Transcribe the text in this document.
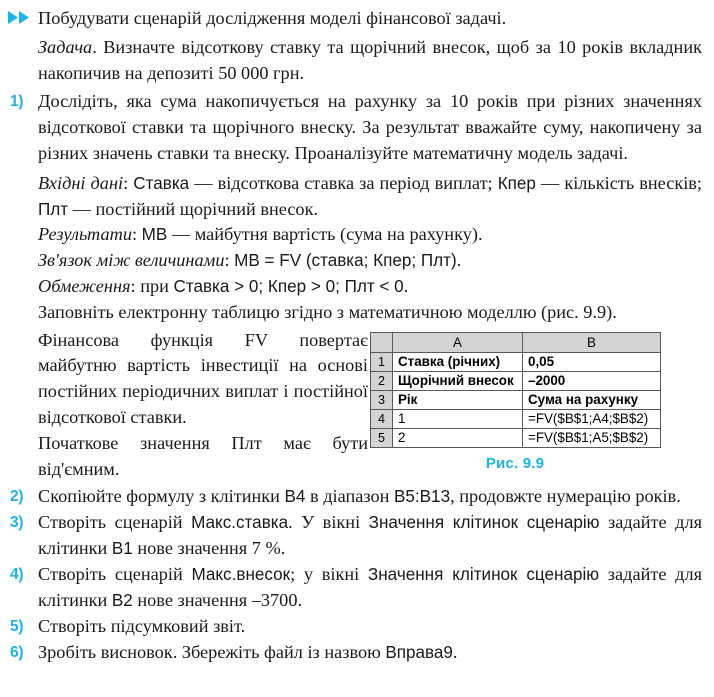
Побудувати сценарій дослідження моделі фінансової задачі.
Задача. Визначте відсоткову ставку та щорічний внесок, щоб за 10 років вкладник накопичив на депозиті 50 000 грн.
1) Дослідіть, яка сума накопичується на рахунку за 10 років при різних значеннях відсоткової ставки та щорічного внеску. За результат вважайте суму, накопичену за різних значень ставки та внеску. Проаналізуйте математичну модель задачі.
Вхідні дані: Ставка — відсоткова ставка за період виплат; Кпер — кількість внесків; Плт — постійний щорічний внесок.
Результати: МВ — майбутня вартість (сума на рахунку).
Зв'язок між величинами: МВ = FV (ставка; Кпер; Плт).
Обмеження: при Ставка > 0; Кпер > 0; Плт < 0.
Заповніть електронну таблицю згідно з математичною моделлю (рис. 9.9).

Фінансова функція FV повертає майбутню вартість інвестиції на основі постійних періодичних виплат і постійної відсоткової ставки.

Початкове значення Плт має бути від'ємним.

	A	B
1	Ставка (річних)	0,05
2	Щорічний внесок	–2000
3	Рік	Сума на рахунку
4	1	=FV($B$1;A4;$B$2)
5	2	=FV($B$1;A5;$B$2)
Рис. 9.9
2) Скопіюйте формулу з клітинки B4 в діапазон B5:B13, продовжте нумерацію років.
3) Створіть сценарій Макс.ставка. У вікні Значення клітинок сценарію задайте для клітинки B1 нове значення 7 %.
4) Створіть сценарій Макс.внесок; у вікні Значення клітинок сценарію задайте для клітинки B2 нове значення –3700.
5) Створіть підсумковий звіт.
6) Зробіть висновок. Збережіть файл із назвою Вправа9.
